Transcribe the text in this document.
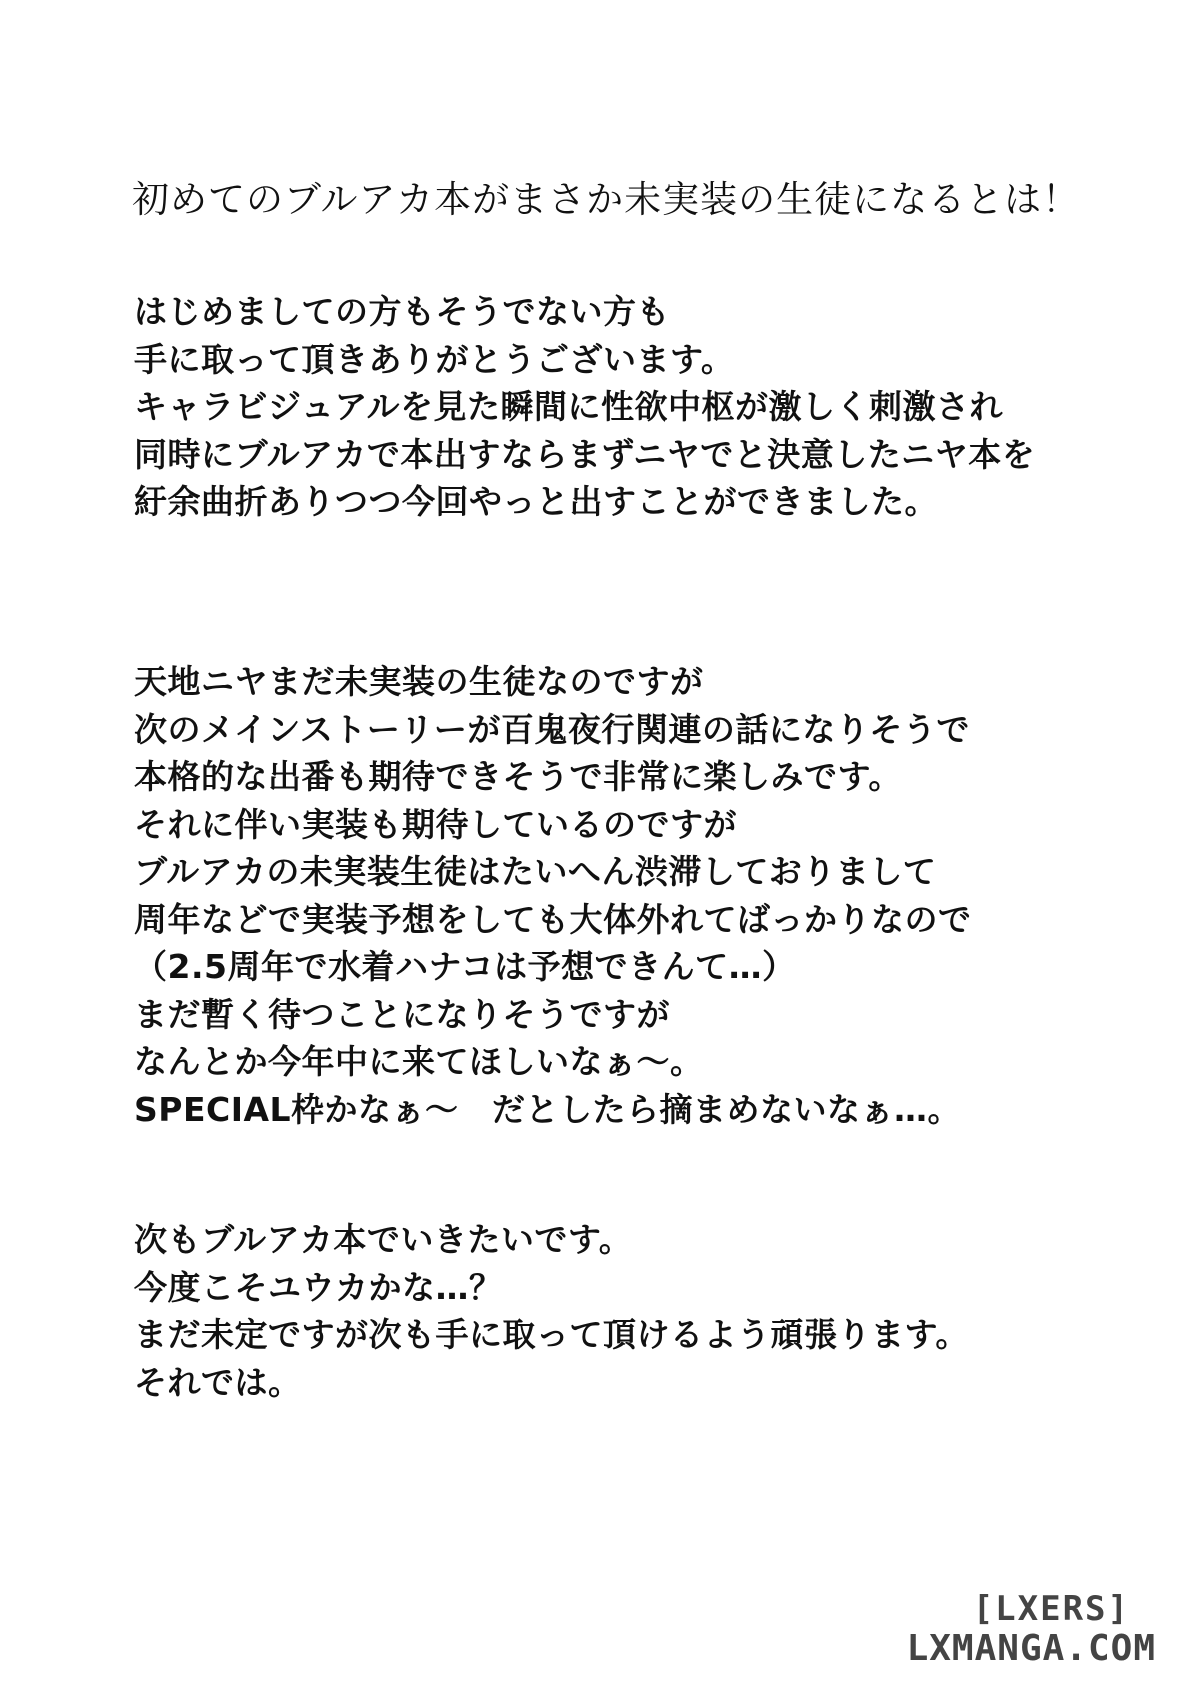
初めてのブルアカ本がまさか未実装の生徒になるとは！
はじめましての方もそうでない方も
手に取って頂きありがとうございます。
キャラビジュアルを見た瞬間に性欲中枢が激しく刺激され
同時にブルアカで本出すならまずニヤでと決意したニヤ本を
紆余曲折ありつつ今回やっと出すことができました。
天地ニヤまだ未実装の生徒なのですが
次のメインストーリーが百鬼夜行関連の話になりそうで
本格的な出番も期待できそうで非常に楽しみです。
それに伴い実装も期待しているのですが
ブルアカの未実装生徒はたいへん渋滞しておりまして
周年などで実装予想をしても大体外れてばっかりなので
（2.5周年で水着ハナコは予想できんて…）
まだ暫く待つことになりそうですが
なんとか今年中に来てほしいなぁ～。
SPECIAL枠かなぁ～　だとしたら摘まめないなぁ…。
次もブルアカ本でいきたいです。
今度こそユウカかな…？
まだ未定ですが次も手に取って頂けるよう頑張ります。
それでは。
[LXERS]
LXMANGA.COM
